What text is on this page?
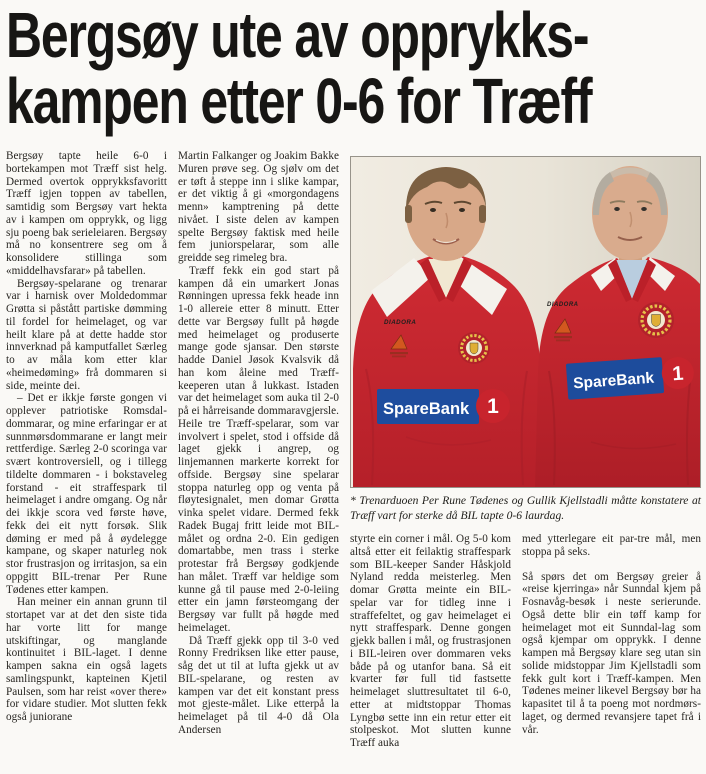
Bergsøy ute av opprykks-
kampen etter 0-6 for Træff

Bergsøy tapte heile 6-0 i bortekampen mot Træff sist helg. Dermed overtok opprykksfavoritt Træff igjen toppen av tabellen, samtidig som Bergsøy vart hekta av i kampen om opprykk, og ligg sju poeng bak serieleiaren. Bergsøy må no konsentrere seg om å konsolidere stillinga som «middelhavsfarar» på tabellen.

Bergsøy-spelarane og trenarar var i harnisk over Moldedommar Grøtta si påstått partiske dømming til fordel for heimelaget, og var heilt klare på at dette hadde stor innverknad på kamputfallet Særleg to av måla kom etter klar «heimedøming» frå dommaren si side, meinte dei.

– Det er ikkje første gongen vi opplever patriotiske Romsdal-dommarar, og mine erfaringar er at sunnmørsdommarane er langt meir rettferdige. Særleg 2-0 scoringa var svært kontroversiell, og i tillegg tildelte dommaren - i bokstaveleg forstand - eit straffespark til heimelaget i andre omgang. Og når dei ikkje scora ved første høve, fekk dei eit nytt forsøk. Slik døming er med på å øydelegge kampane, og skaper naturleg nok stor frustrasjon og irritasjon, sa ein oppgitt BIL-trenar Per Rune Tødenes etter kampen.

Han meiner ein annan grunn til stortapet var at det den siste tida har vorte litt for mange utskiftingar, og manglande kontinuitet i BIL-laget. I denne kampen sakna ein også lagets samlingspunkt, kapteinen Kjetil Paulsen, som har reist «over there» for vidare studier. Mot slutten fekk også juniorane

Martin Falkanger og Joakim Bakke Muren prøve seg. Og sjølv om det er tøft å steppe inn i slike kampar, er det viktig å gi «morgondagens menn» kamptrening på dette nivået. I siste delen av kampen spelte Bergsøy faktisk med heile fem juniorspelarar, som alle greidde seg rimeleg bra.

Træff fekk ein god start på kampen då ein umarkert Jonas Rønningen upressa fekk heade inn 1-0 allereie etter 8 minutt. Etter dette var Bergsøy fullt på høgde med heimelaget og produserte mange gode sjansar. Den største hadde Daniel Jøsok Kvalsvik då han kom åleine med Træff-keeperen utan å lukkast. Istaden var det heimelaget som auka til 2-0 på ei hårreisande dommaravgjersle. Heile tre Træff-spelarar, som var involvert i spelet, stod i offside då laget gjekk i angrep, og linjemannen markerte korrekt for offside. Bergsøy sine spelarar stoppa naturleg opp og venta på fløytesignalet, men domar Grøtta vinka spelet vidare. Dermed fekk Radek Bugaj fritt leide mot BIL-målet og ordna 2-0. Ein gedigen domartabbe, men trass i sterke protestar frå Bergsøy godkjende han målet. Træff var heldige som kunne gå til pause med 2-0-leiing etter ein jamn førsteomgang der Bergsøy var fullt på høgde med heimelaget.

Då Træff gjekk opp til 3-0 ved Ronny Fredriksen like etter pause, såg det ut til at lufta gjekk ut av BIL-spelarane, og resten av kampen var det eit konstant press mot gjeste-målet. Like etterpå la heimelaget på til 4-0 då Ola Andersen

DIADORA
SpareBank 1
DIADORA
SpareBank 1
* Trenarduoen Per Rune Tødenes og Gullik Kjellstadli måtte konstatere at Træff vart for sterke då BIL tapte 0-6 laurdag.

styrte ein corner i mål. Og 5-0 kom altså etter eit feilaktig straffespark som BIL-keeper Sander Håskjold Nyland redda meisterleg. Men domar Grøtta meinte ein BIL-spelar var for tidleg inne i straffefeltet, og gav heimelaget ei nytt straffespark. Denne gongen gjekk ballen i mål, og frustrasjonen i BIL-leiren over dommaren veks både på og utanfor bana. Så eit kvarter før full tid fastsette heimelaget sluttresultatet til 6-0, etter at midtstoppar Thomas Lyngbø sette inn ein retur etter eit stolpeskot. Mot slutten kunne Træff auka

med ytterlegare eit par-tre mål, men stoppa på seks.

Så spørs det om Bergsøy greier å «reise kjerringa» når Sunndal kjem på Fosnavåg-besøk i neste serierunde. Også dette blir ein tøff kamp for heimelaget mot eit Sunndal-lag som også kjempar om opprykk. I denne kampen må Bergsøy klare seg utan sin solide midstoppar Jim Kjellstadli som fekk gult kort i Træff-kampen. Men Tødenes meiner likevel Bergsøy bør ha kapasitet til å ta poeng mot nordmørs-laget, og dermed revansjere tapet frå i vår.
